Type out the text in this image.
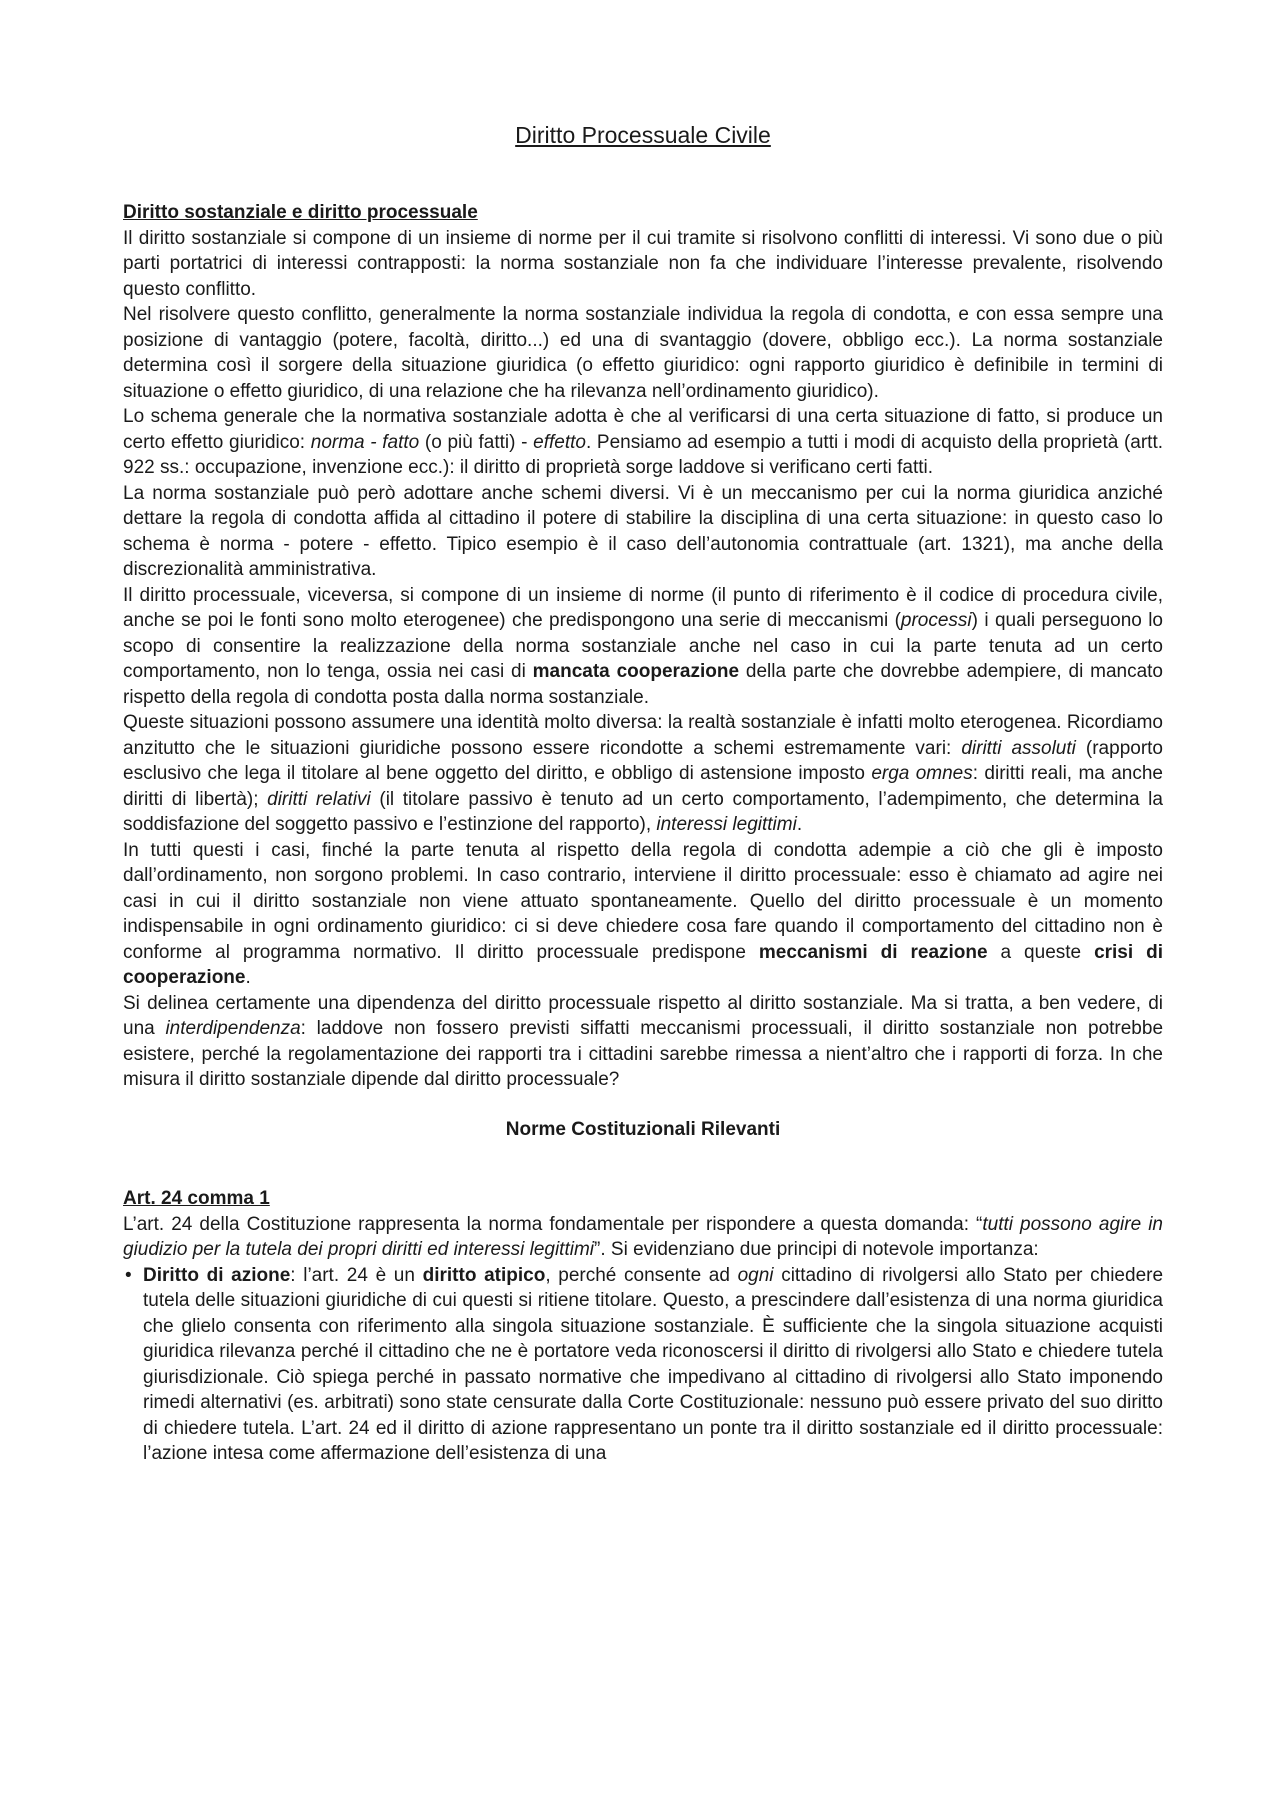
Diritto Processuale Civile
Diritto sostanziale e diritto processuale

Il diritto sostanziale si compone di un insieme di norme per il cui tramite si risolvono conflitti di interessi. Vi sono due o più parti portatrici di interessi contrapposti: la norma sostanziale non fa che individuare l’interesse prevalente, risolvendo questo conflitto.

Nel risolvere questo conflitto, generalmente la norma sostanziale individua la regola di condotta, e con essa sempre una posizione di vantaggio (potere, facoltà, diritto...) ed una di svantaggio (dovere, obbligo ecc.). La norma sostanziale determina così il sorgere della situazione giuridica (o effetto giuridico: ogni rapporto giuridico è definibile in termini di situazione o effetto giuridico, di una relazione che ha rilevanza nell’ordinamento giuridico).

Lo schema generale che la normativa sostanziale adotta è che al verificarsi di una certa situazione di fatto, si produce un certo effetto giuridico: norma - fatto (o più fatti) - effetto. Pensiamo ad esempio a tutti i modi di acquisto della proprietà (artt. 922 ss.: occupazione, invenzione ecc.): il diritto di proprietà sorge laddove si verificano certi fatti.

La norma sostanziale può però adottare anche schemi diversi. Vi è un meccanismo per cui la norma giuridica anziché dettare la regola di condotta affida al cittadino il potere di stabilire la disciplina di una certa situazione: in questo caso lo schema è norma - potere - effetto. Tipico esempio è il caso dell’autonomia contrattuale (art. 1321), ma anche della discrezionalità amministrativa.

Il diritto processuale, viceversa, si compone di un insieme di norme (il punto di riferimento è il codice di procedura civile, anche se poi le fonti sono molto eterogenee) che predispongono una serie di meccanismi (processi) i quali perseguono lo scopo di consentire la realizzazione della norma sostanziale anche nel caso in cui la parte tenuta ad un certo comportamento, non lo tenga, ossia nei casi di mancata cooperazione della parte che dovrebbe adempiere, di mancato rispetto della regola di condotta posta dalla norma sostanziale.

Queste situazioni possono assumere una identità molto diversa: la realtà sostanziale è infatti molto eterogenea. Ricordiamo anzitutto che le situazioni giuridiche possono essere ricondotte a schemi estremamente vari: diritti assoluti (rapporto esclusivo che lega il titolare al bene oggetto del diritto, e obbligo di astensione imposto erga omnes: diritti reali, ma anche diritti di libertà); diritti relativi (il titolare passivo è tenuto ad un certo comportamento, l’adempimento, che determina la soddisfazione del soggetto passivo e l’estinzione del rapporto), interessi legittimi.

In tutti questi i casi, finché la parte tenuta al rispetto della regola di condotta adempie a ciò che gli è imposto dall’ordinamento, non sorgono problemi. In caso contrario, interviene il diritto processuale: esso è chiamato ad agire nei casi in cui il diritto sostanziale non viene attuato spontaneamente. Quello del diritto processuale è un momento indispensabile in ogni ordinamento giuridico: ci si deve chiedere cosa fare quando il comportamento del cittadino non è conforme al programma normativo. Il diritto processuale predispone meccanismi di reazione a queste crisi di cooperazione.

Si delinea certamente una dipendenza del diritto processuale rispetto al diritto sostanziale. Ma si tratta, a ben vedere, di una interdipendenza: laddove non fossero previsti siffatti meccanismi processuali, il diritto sostanziale non potrebbe esistere, perché la regolamentazione dei rapporti tra i cittadini sarebbe rimessa a nient’altro che i rapporti di forza. In che misura il diritto sostanziale dipende dal diritto processuale?

Norme Costituzionali Rilevanti
Art. 24 comma 1

L’art. 24 della Costituzione rappresenta la norma fondamentale per rispondere a questa domanda: “tutti possono agire in giudizio per la tutela dei propri diritti ed interessi legittimi”. Si evidenziano due principi di notevole importanza:

• Diritto di azione: l’art. 24 è un diritto atipico, perché consente ad ogni cittadino di rivolgersi allo Stato per chiedere tutela delle situazioni giuridiche di cui questi si ritiene titolare. Questo, a prescindere dall’esistenza di una norma giuridica che glielo consenta con riferimento alla singola situazione sostanziale. È sufficiente che la singola situazione acquisti giuridica rilevanza perché il cittadino che ne è portatore veda riconoscersi il diritto di rivolgersi allo Stato e chiedere tutela giurisdizionale. Ciò spiega perché in passato normative che impedivano al cittadino di rivolgersi allo Stato imponendo rimedi alternativi (es. arbitrati) sono state censurate dalla Corte Costituzionale: nessuno può essere privato del suo diritto di chiedere tutela. L’art. 24 ed il diritto di azione rappresentano un ponte tra il diritto sostanziale ed il diritto processuale: l’azione intesa come affermazione dell’esistenza di una
